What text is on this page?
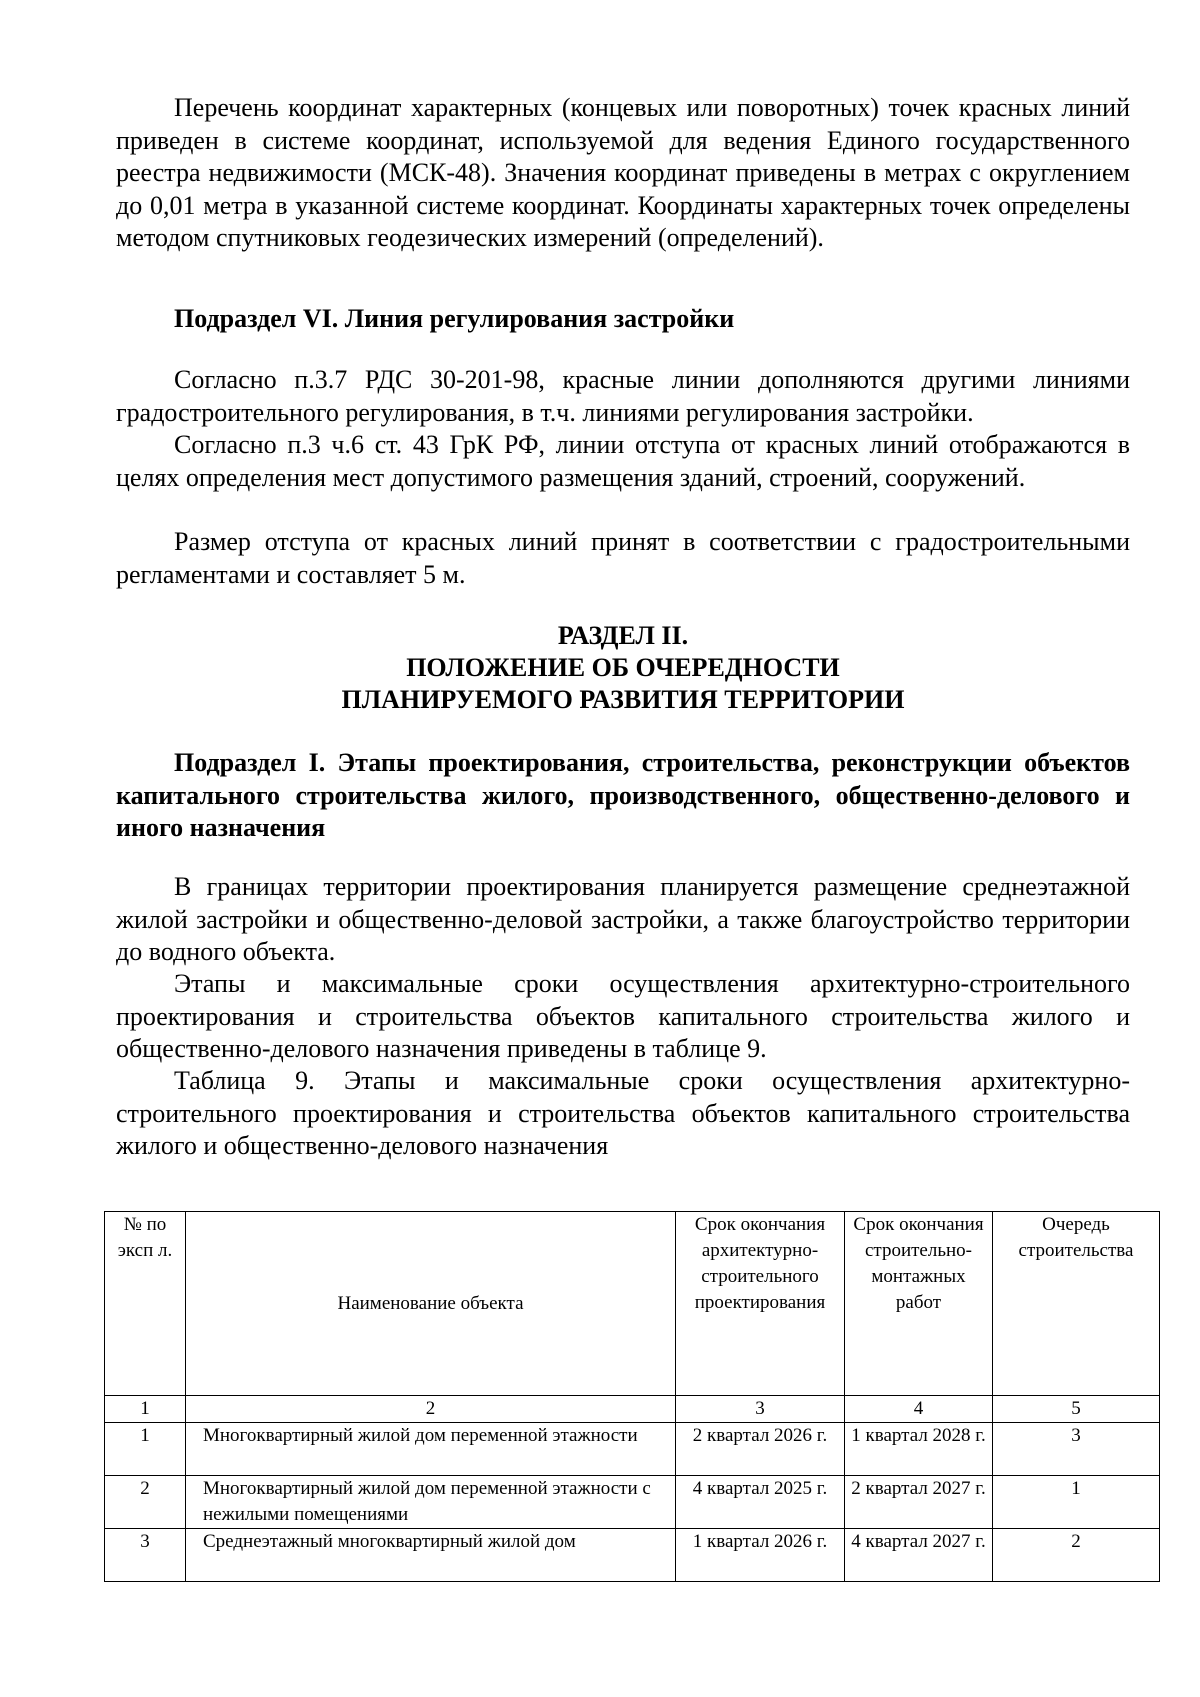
Перечень координат характерных (концевых или поворотных) точек красных линий приведен в системе координат, используемой для ведения Единого государственного реестра недвижимости (МСК-48). Значения координат приведены в метрах с округлением до 0,01 метра в указанной системе координат. Координаты характерных точек определены методом спутниковых геодезических измерений (определений).

Подраздел VI. Линия регулирования застройки

Согласно п.3.7 РДС 30-201-98, красные линии дополняются другими линиями градостроительного регулирования, в т.ч. линиями регулирования застройки.

Согласно п.3 ч.6 ст. 43 ГрК РФ, линии отступа от красных линий отображаются в целях определения мест допустимого размещения зданий, строений, сооружений.

Размер отступа от красных линий принят в соответствии с градостроительными регламентами и составляет 5 м.

РАЗДЕЛ II.

ПОЛОЖЕНИЕ ОБ ОЧЕРЕДНОСТИ

ПЛАНИРУЕМОГО РАЗВИТИЯ ТЕРРИТОРИИ

Подраздел I. Этапы проектирования, строительства, реконструкции объектов капитального строительства жилого, производственного, общественно-делового и иного назначения

В границах территории проектирования планируется размещение среднеэтажной жилой застройки и общественно-деловой застройки, а также благоустройство территории до водного объекта.

Этапы и максимальные сроки осуществления архитектурно-строительного проектирования и строительства объектов капитального строительства жилого и общественно-делового назначения приведены в таблице 9.

Таблица 9. Этапы и максимальные сроки осуществления архитектурно-строительного проектирования и строительства объектов капитального строительства жилого и общественно-делового назначения

№ по эксп л.	Наименование объекта	Срок окончания архитектурно-строительного проектирования	Срок окончания строительно-монтажных работ	Очередь строительства
1	2	3	4	5
1	Многоквартирный жилой дом переменной этажности	2 квартал 2026 г.	1 квартал 2028 г.	3
2	Многоквартирный жилой дом переменной этажности с нежилыми помещениями	4 квартал 2025 г.	2 квартал 2027 г.	1
3	Среднеэтажный многоквартирный жилой дом	1 квартал 2026 г.	4 квартал 2027 г.	2
